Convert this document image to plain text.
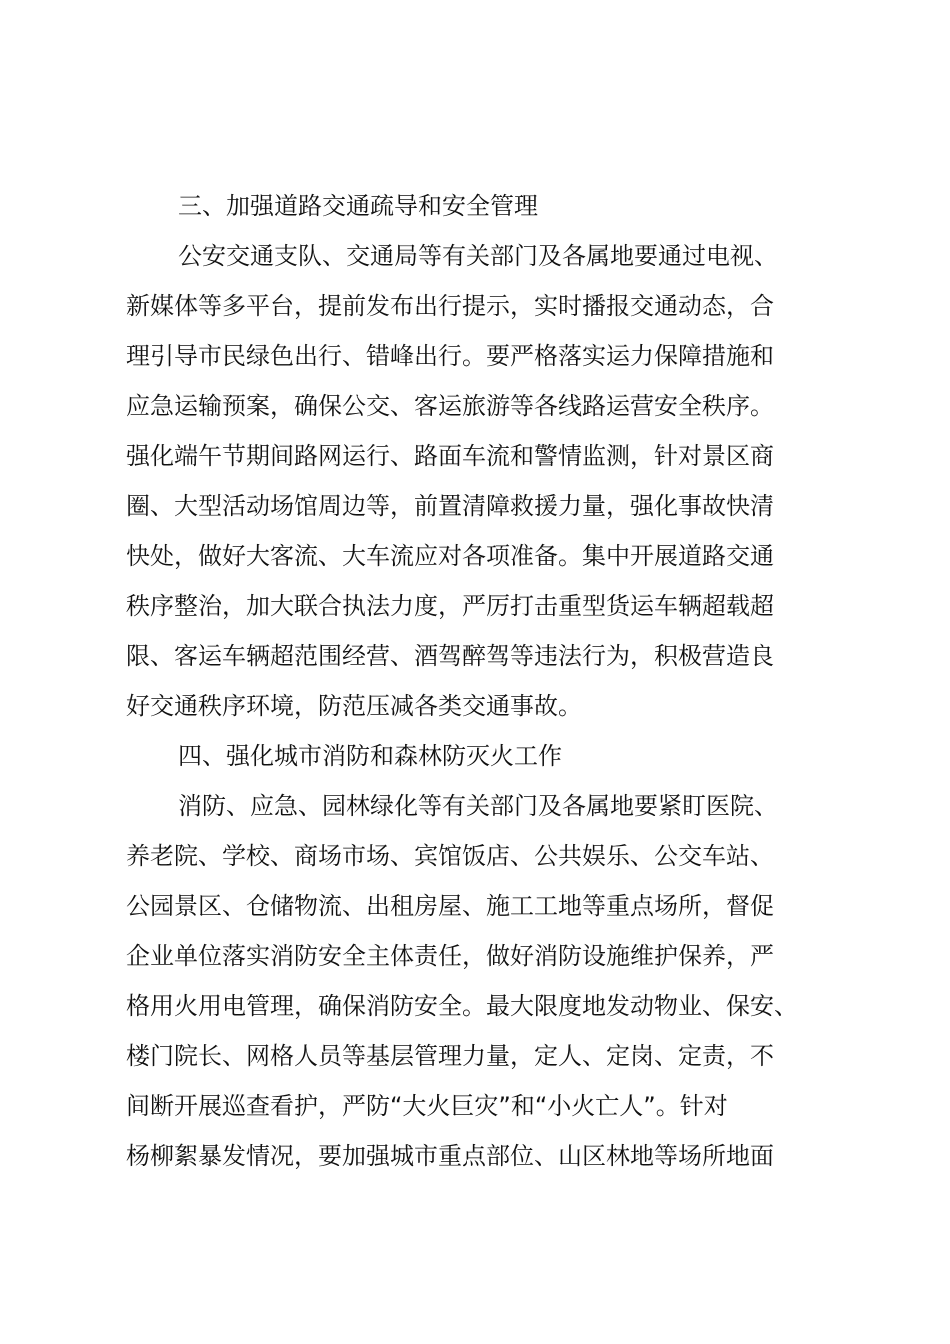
三、加强道路交通疏导和安全管理
公安交通支队、交通局等有关部门及各属地要通过电视、
新媒体等多平台，提前发布出行提示，实时播报交通动态，合
理引导市民绿色出行、错峰出行。要严格落实运力保障措施和
应急运输预案，确保公交、客运旅游等各线路运营安全秩序。
强化端午节期间路网运行、路面车流和警情监测，针对景区商
圈、大型活动场馆周边等，前置清障救援力量，强化事故快清
快处，做好大客流、大车流应对各项准备。集中开展道路交通
秩序整治，加大联合执法力度，严厉打击重型货运车辆超载超
限、客运车辆超范围经营、酒驾醉驾等违法行为，积极营造良
好交通秩序环境，防范压减各类交通事故。
四、强化城市消防和森林防灭火工作
消防、应急、园林绿化等有关部门及各属地要紧盯医院、
养老院、学校、商场市场、宾馆饭店、公共娱乐、公交车站、
公园景区、仓储物流、出租房屋、施工工地等重点场所，督促
企业单位落实消防安全主体责任，做好消防设施维护保养，严
格用火用电管理，确保消防安全。最大限度地发动物业、保安、
楼门院长、网格人员等基层管理力量，定人、定岗、定责，不
间断开展巡查看护，严防“大火巨灾”和“小火亡人”。针对
杨柳絮暴发情况，要加强城市重点部位、山区林地等场所地面
